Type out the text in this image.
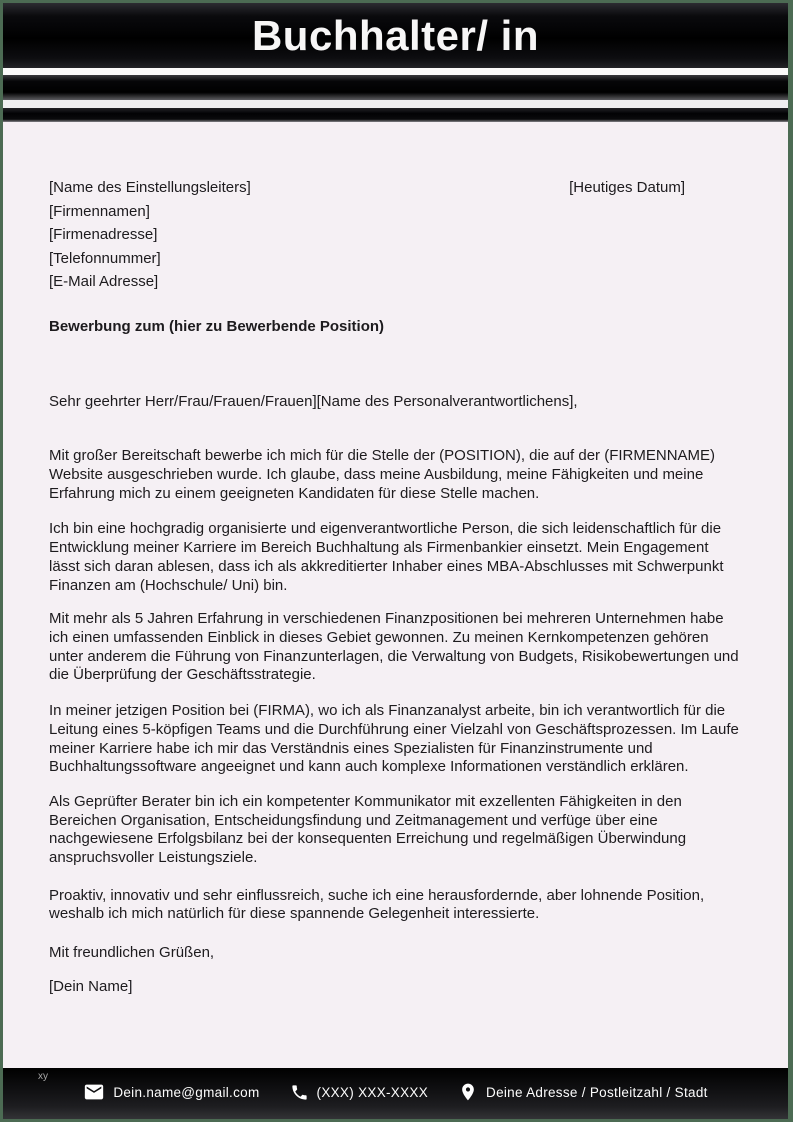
Buchhalter/ in
[Name des Einstellungsleiters]
[Firmennamen]
[Firmenadresse]
[Telefonnummer]
[E-Mail Adresse]
[Heutiges Datum]
Bewerbung zum (hier zu Bewerbende Position)
Sehr geehrter Herr/Frau/Frauen/Frauen][Name des Personalverantwortlichens],

Mit großer Bereitschaft bewerbe ich mich für die Stelle der (POSITION), die auf der (FIRMENNAME) Website ausgeschrieben wurde. Ich glaube, dass meine Ausbildung, meine Fähigkeiten und meine Erfahrung mich zu einem geeigneten Kandidaten für diese Stelle machen.

Ich bin eine hochgradig organisierte und eigenverantwortliche Person, die sich leidenschaftlich für die Entwicklung meiner Karriere im Bereich Buchhaltung als Firmenbankier einsetzt. Mein Engagement lässt sich daran ablesen, dass ich als akkreditierter Inhaber eines MBA-Abschlusses mit Schwerpunkt Finanzen am (Hochschule/ Uni) bin.

Mit mehr als 5 Jahren Erfahrung in verschiedenen Finanzpositionen bei mehreren Unternehmen habe ich einen umfassenden Einblick in dieses Gebiet gewonnen. Zu meinen Kernkompetenzen gehören unter anderem die Führung von Finanzunterlagen, die Verwaltung von Budgets, Risikobewertungen und die Überprüfung der Geschäftsstrategie.

In meiner jetzigen Position bei (FIRMA), wo ich als Finanzanalyst arbeite, bin ich verantwortlich für die Leitung eines 5-köpfigen Teams und die Durchführung einer Vielzahl von Geschäftsprozessen. Im Laufe meiner Karriere habe ich mir das Verständnis eines Spezialisten für Finanzinstrumente und Buchhaltungssoftware angeeignet und kann auch komplexe Informationen verständlich erklären.

Als Geprüfter Berater bin ich ein kompetenter Kommunikator mit exzellenten Fähigkeiten in den Bereichen Organisation, Entscheidungsfindung und Zeitmanagement und verfüge über eine nachgewiesene Erfolgsbilanz bei der konsequenten Erreichung und regelmäßigen Überwindung anspruchsvoller Leistungsziele.

Proaktiv, innovativ und sehr einflussreich, suche ich eine herausfordernde, aber lohnende Position, weshalb ich mich natürlich für diese spannende Gelegenheit interessierte.

Mit freundlichen Grüßen,
[Dein Name]
xy
Dein.name@gmail.com	(XXX) XXX-XXXX	Deine Adresse / Postleitzahl / Stadt
